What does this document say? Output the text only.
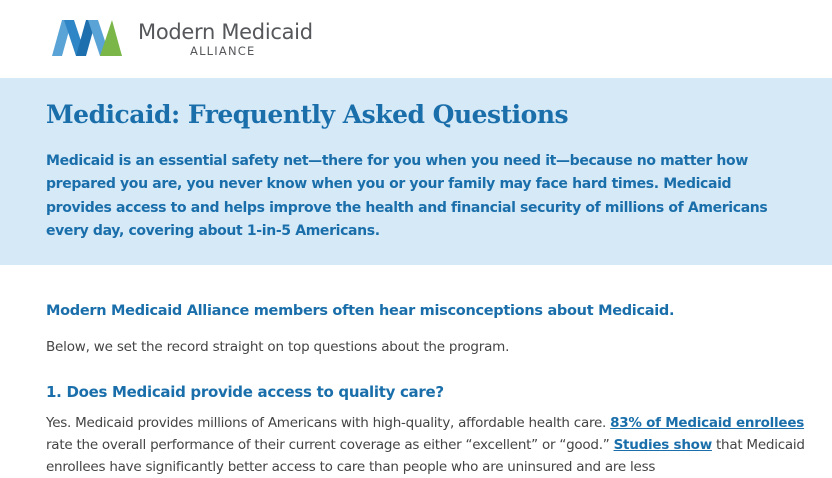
Modern Medicaid
ALLIANCE
Medicaid: Frequently Asked Questions

Medicaid is an essential safety net—there for you when you need it—because no matter how prepared you are, you never know when you or your family may face hard times. Medicaid provides access to and helps improve the health and financial security of millions of Americans every day, covering about 1-in-5 Americans.

Modern Medicaid Alliance members often hear misconceptions about Medicaid.

Below, we set the record straight on top questions about the program.

1. Does Medicaid provide access to quality care?

Yes. Medicaid provides millions of Americans with high-quality, affordable health care. 83% of Medicaid enrollees rate the overall performance of their current coverage as either “excellent” or “good.” Studies show that Medicaid enrollees have significantly better access to care than people who are uninsured and are less
